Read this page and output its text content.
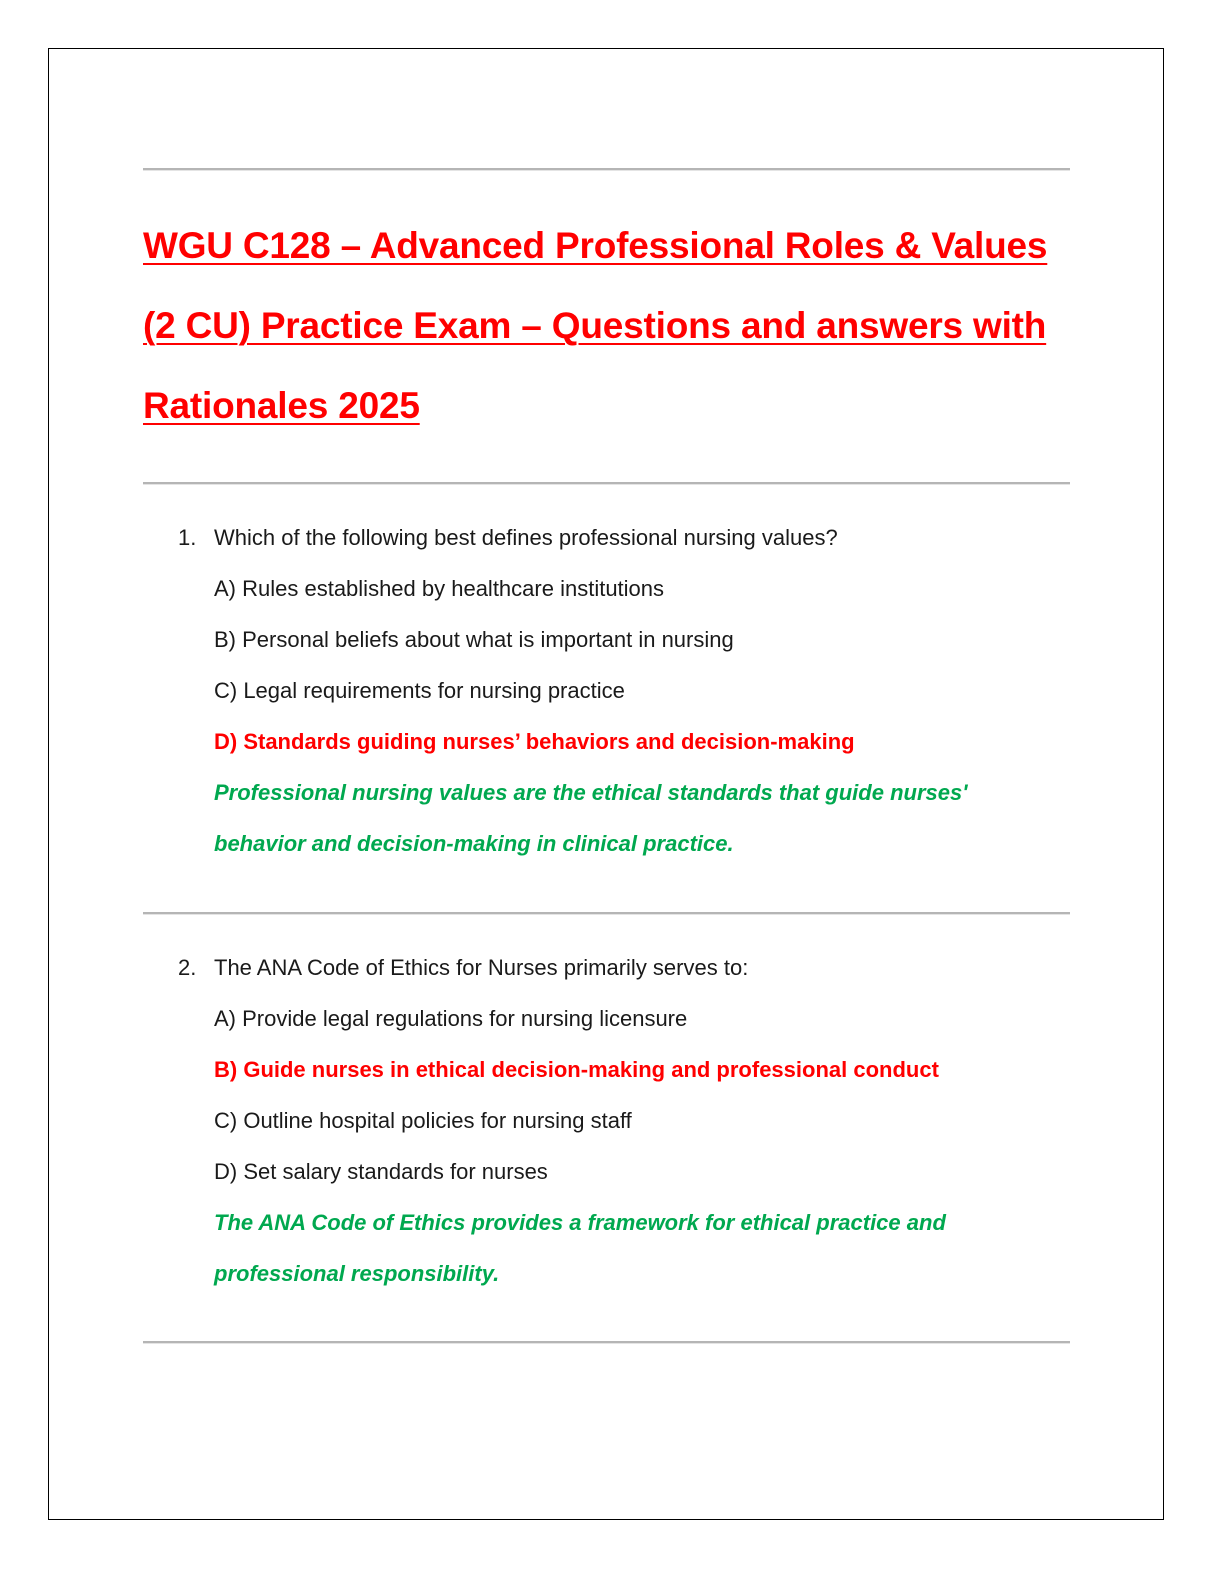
WGU C128 – Advanced Professional Roles & Values
(2 CU) Practice Exam – Questions and answers with
Rationales 2025
1. Which of the following best defines professional nursing values?
A) Rules established by healthcare institutions
B) Personal beliefs about what is important in nursing
C) Legal requirements for nursing practice
D) Standards guiding nurses’ behaviors and decision-making
Professional nursing values are the ethical standards that guide nurses'
behavior and decision-making in clinical practice.
2. The ANA Code of Ethics for Nurses primarily serves to:
A) Provide legal regulations for nursing licensure
B) Guide nurses in ethical decision-making and professional conduct
C) Outline hospital policies for nursing staff
D) Set salary standards for nurses
The ANA Code of Ethics provides a framework for ethical practice and
professional responsibility.
